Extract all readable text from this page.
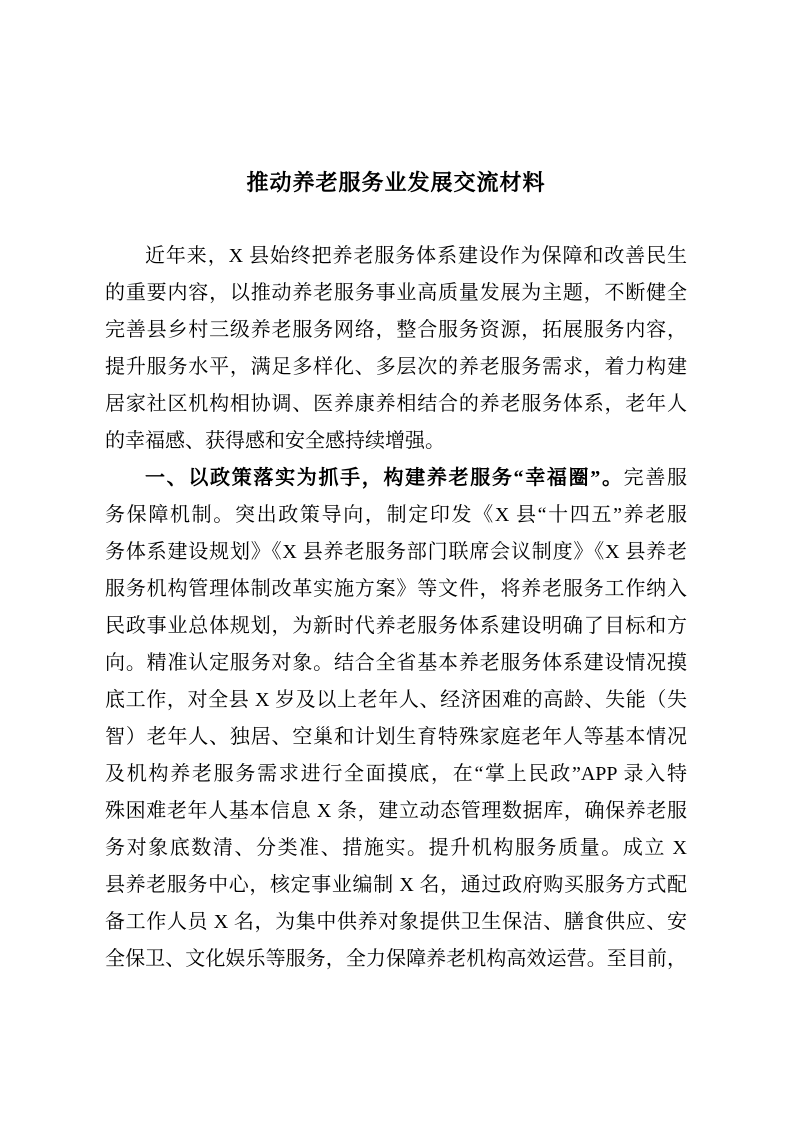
推动养老服务业发展交流材料
近年来，X 县始终把养老服务体系建设作为保障和改善民生
的重要内容，以推动养老服务事业高质量发展为主题，不断健全
完善县乡村三级养老服务网络，整合服务资源，拓展服务内容，
提升服务水平，满足多样化、多层次的养老服务需求，着力构建
居家社区机构相协调、医养康养相结合的养老服务体系，老年人
的幸福感、获得感和安全感持续增强。
一、以政策落实为抓手，构建养老服务“幸福圈”。完善服
务保障机制。突出政策导向，制定印发《X 县“十四五”养老服
务体系建设规划》《X 县养老服务部门联席会议制度》《X 县养老
服务机构管理体制改革实施方案》等文件，将养老服务工作纳入
民政事业总体规划，为新时代养老服务体系建设明确了目标和方
向。精准认定服务对象。结合全省基本养老服务体系建设情况摸
底工作，对全县 X 岁及以上老年人、经济困难的高龄、失能（失
智）老年人、独居、空巢和计划生育特殊家庭老年人等基本情况
及机构养老服务需求进行全面摸底，在“掌上民政”APP 录入特
殊困难老年人基本信息 X 条，建立动态管理数据库，确保养老服
务对象底数清、分类准、措施实。提升机构服务质量。成立 X
县养老服务中心，核定事业编制 X 名，通过政府购买服务方式配
备工作人员 X 名，为集中供养对象提供卫生保洁、膳食供应、安
全保卫、文化娱乐等服务，全力保障养老机构高效运营。至目前，
